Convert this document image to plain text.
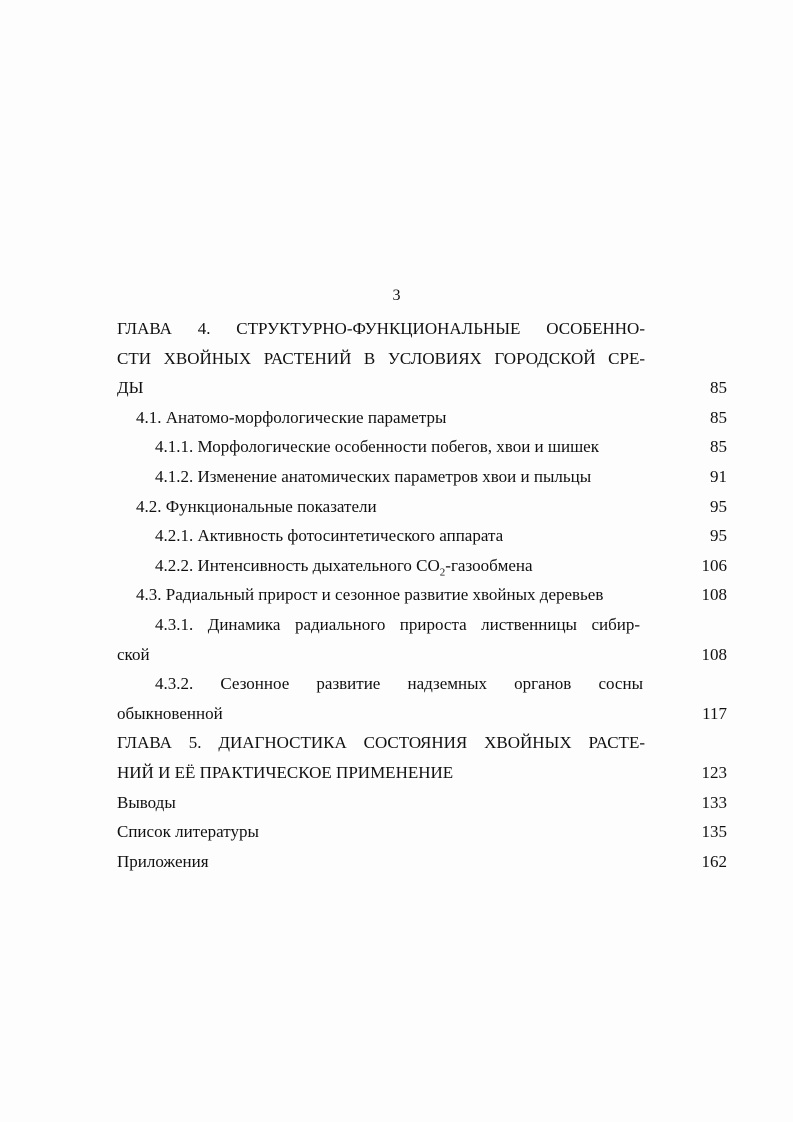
3
ГЛАВА 4. СТРУКТУРНО-ФУНКЦИОНАЛЬНЫЕ ОСОБЕННО-
СТИ ХВОЙНЫХ РАСТЕНИЙ В УСЛОВИЯХ ГОРОДСКОЙ СРЕ-
ДЫ	85
4.1. Анатомо-морфологические параметры	85
4.1.1. Морфологические особенности побегов, хвои и шишек	85
4.1.2. Изменение анатомических параметров хвои и пыльцы	91
4.2. Функциональные показатели	95
4.2.1. Активность фотосинтетического аппарата	95
4.2.2. Интенсивность дыхательного $СО_2$-газообмена	106
4.3. Радиальный прирост и сезонное развитие хвойных деревьев	108
4.3.1. Динамика радиального прироста лиственницы сибир-
ской	108
4.3.2. Сезонное развитие надземных органов сосны
обыкновенной	117
ГЛАВА 5. ДИАГНОСТИКА СОСТОЯНИЯ ХВОЙНЫХ РАСТЕ-
НИЙ И ЕЁ ПРАКТИЧЕСКОЕ ПРИМЕНЕНИЕ	123
Выводы	133
Список литературы	135
Приложения	162
